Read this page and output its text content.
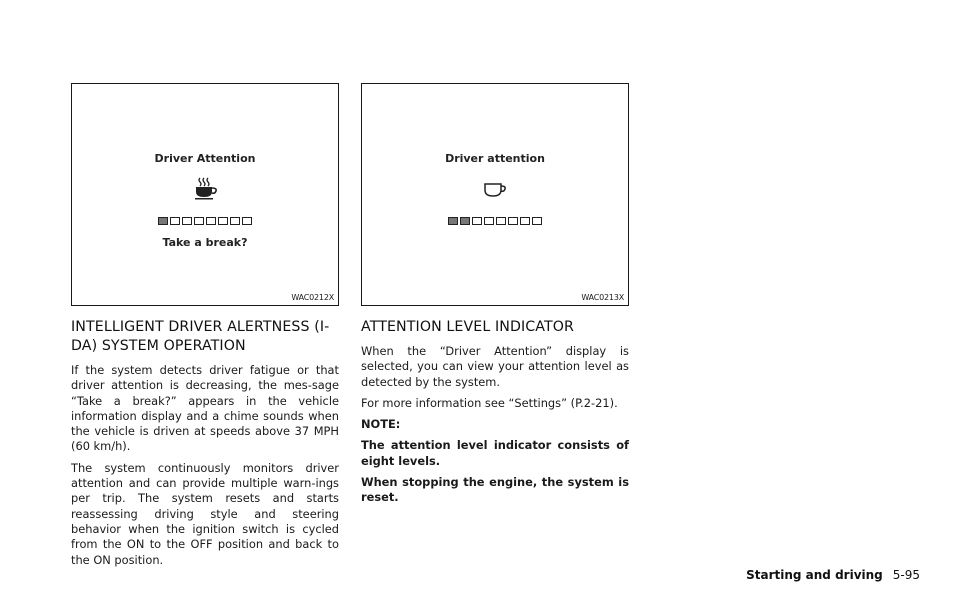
Driver Attention
Take a break?
WAC0212X
INTELLIGENT DRIVER ALERTNESS (I-DA) SYSTEM OPERATION

If the system detects driver fatigue or that driver attention is decreasing, the mes-sage “Take a break?” appears in the vehicle information display and a chime sounds when the vehicle is driven at speeds above 37 MPH (60 km/h).

The system continuously monitors driver attention and can provide multiple warn-ings per trip. The system resets and starts reassessing driving style and steering behavior when the ignition switch is cycled from the ON to the OFF position and back to the ON position.

Driver attention
WAC0213X
ATTENTION LEVEL INDICATOR

When the “Driver Attention” display is selected, you can view your attention level as detected by the system.

For more information see “Settings” (P.2-21).

NOTE:

The attention level indicator consists of eight levels.

When stopping the engine, the system is reset.

Starting and driving 5-95
